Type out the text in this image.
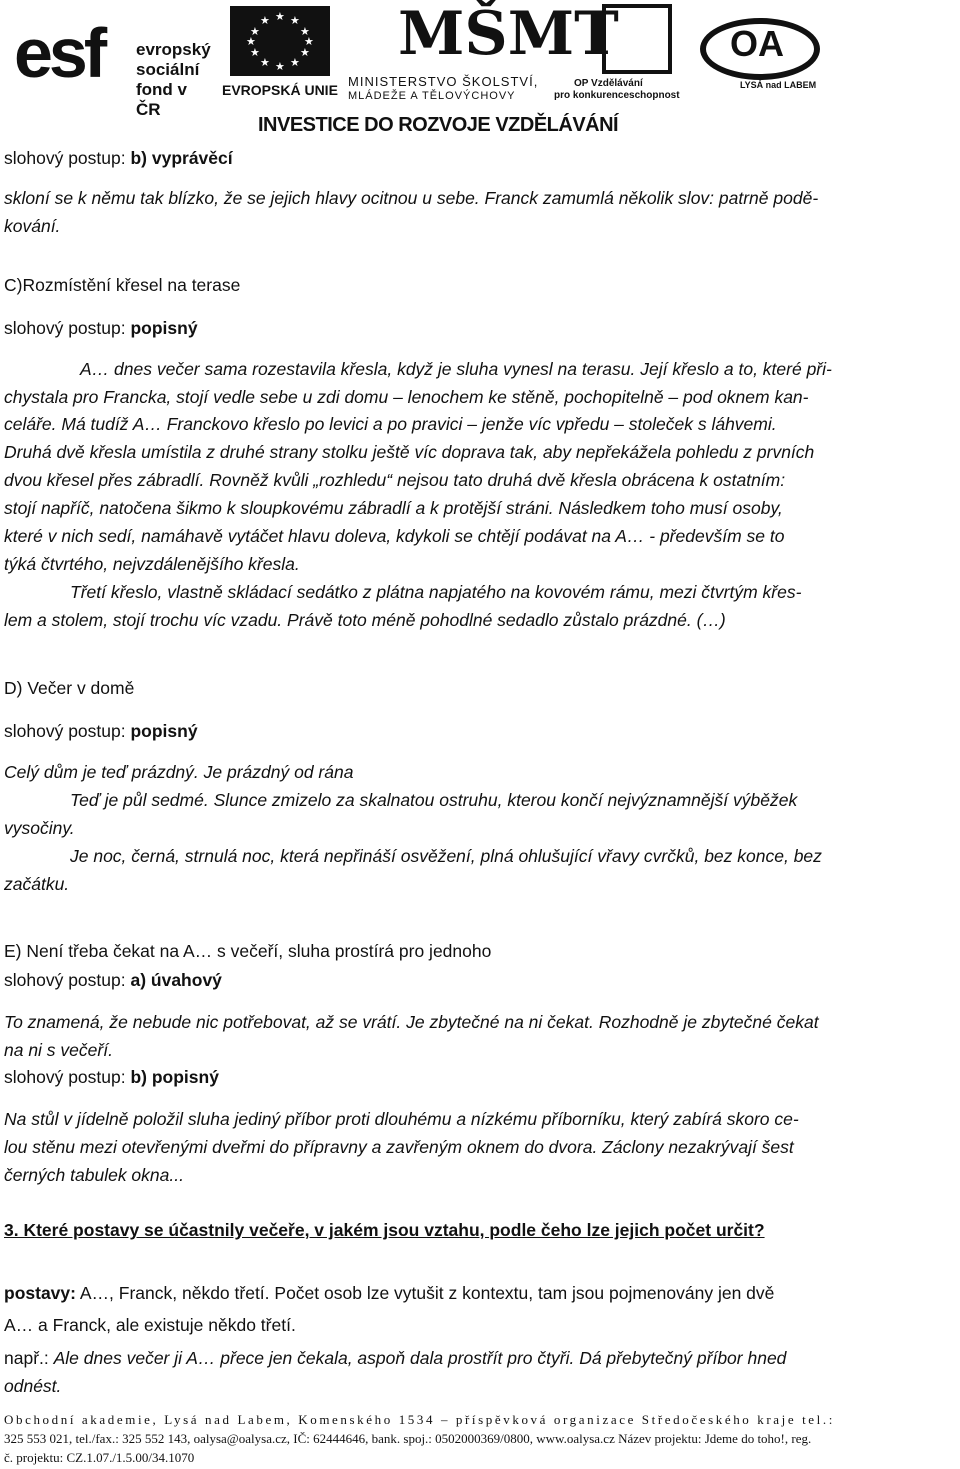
esf evropský
sociální
fond v ČR
★ ★
★
★
★
★
★
★
★
★
★
★
EVROPSKÁ UNIE
MŠMT
MINISTERSTVO ŠKOLSTVÍ,
MLÁDEŽE A TĚLOVÝCHOVY
OP Vzdělávání
pro konkurenceschopnost
OA
LYSÁ nad LABEM
INVESTICE DO ROZVOJE VZDĚLÁVÁNÍ
slohový postup: b) vyprávěcí
skloní se k němu tak blízko, že se jejich hlavy ocitnou u sebe. Franck zamumlá několik slov: patrně podě-
kování.
C)Rozmístění křesel na terase
slohový postup: popisný
A… dnes večer sama rozestavila křesla, když je sluha vynesl na terasu. Její křeslo a to, které při-
chystala pro Francka, stojí vedle sebe u zdi domu – lenochem ke stěně, pochopitelně – pod oknem kan-
celáře. Má tudíž A… Franckovo křeslo po levici a po pravici – jenže víc vpředu – stoleček s láhvemi.
Druhá dvě křesla umístila z druhé strany stolku ještě víc doprava tak, aby nepřekážela pohledu z prvních
dvou křesel přes zábradlí. Rovněž kvůli „rozhledu“ nejsou tato druhá dvě křesla obrácena k ostatním:
stojí napříč, natočena šikmo k sloupkovému zábradlí a k protější stráni. Následkem toho musí osoby,
které v nich sedí, namáhavě vytáčet hlavu doleva, kdykoli se chtějí podávat na A… - především se to
týká čtvrtého, nejvzdálenějšího křesla.
Třetí křeslo, vlastně skládací sedátko z plátna napjatého na kovovém rámu, mezi čtvrtým křes-
lem a stolem, stojí trochu víc vzadu. Právě toto méně pohodlné sedadlo zůstalo prázdné. (…)
D) Večer v domě
slohový postup: popisný
Celý dům je teď prázdný. Je prázdný od rána
Teď je půl sedmé. Slunce zmizelo za skalnatou ostruhu, kterou končí nejvýznamnější výběžek
vysočiny.
Je noc, černá, strnulá noc, která nepřináší osvěžení, plná ohlušující vřavy cvrčků, bez konce, bez
začátku.
E) Není třeba čekat na A… s večeří, sluha prostírá pro jednoho
slohový postup: a) úvahový
To znamená, že nebude nic potřebovat, až se vrátí. Je zbytečné na ni čekat. Rozhodně je zbytečné čekat
na ni s večeří.
slohový postup: b) popisný
Na stůl v jídelně položil sluha jediný příbor proti dlouhému a nízkému příborníku, který zabírá skoro ce-
lou stěnu mezi otevřenými dveřmi do přípravny a zavřeným oknem do dvora. Záclony nezakrývají šest
černých tabulek okna...
3. Které postavy se účastnily večeře, v jakém jsou vztahu, podle čeho lze jejich počet určit?
postavy: A…, Franck, někdo třetí. Počet osob lze vytušit z kontextu, tam jsou pojmenovány jen dvě
A… a Franck, ale existuje někdo třetí.
např.: Ale dnes večer ji A… přece jen čekala, aspoň dala prostřít pro čtyři. Dá přebytečný příbor hned
odnést.
Obchodní akademie, Lysá nad Labem, Komenského 1534 – příspěvková organizace Středočeského kraje tel.:
325 553 021, tel./fax.: 325 552 143, oalysa@oalysa.cz, IČ: 62444646, bank. spoj.: 0502000369/0800, www.oalysa.cz Název projektu: Jdeme do toho!, reg.
č. projektu: CZ.1.07./1.5.00/34.1070
